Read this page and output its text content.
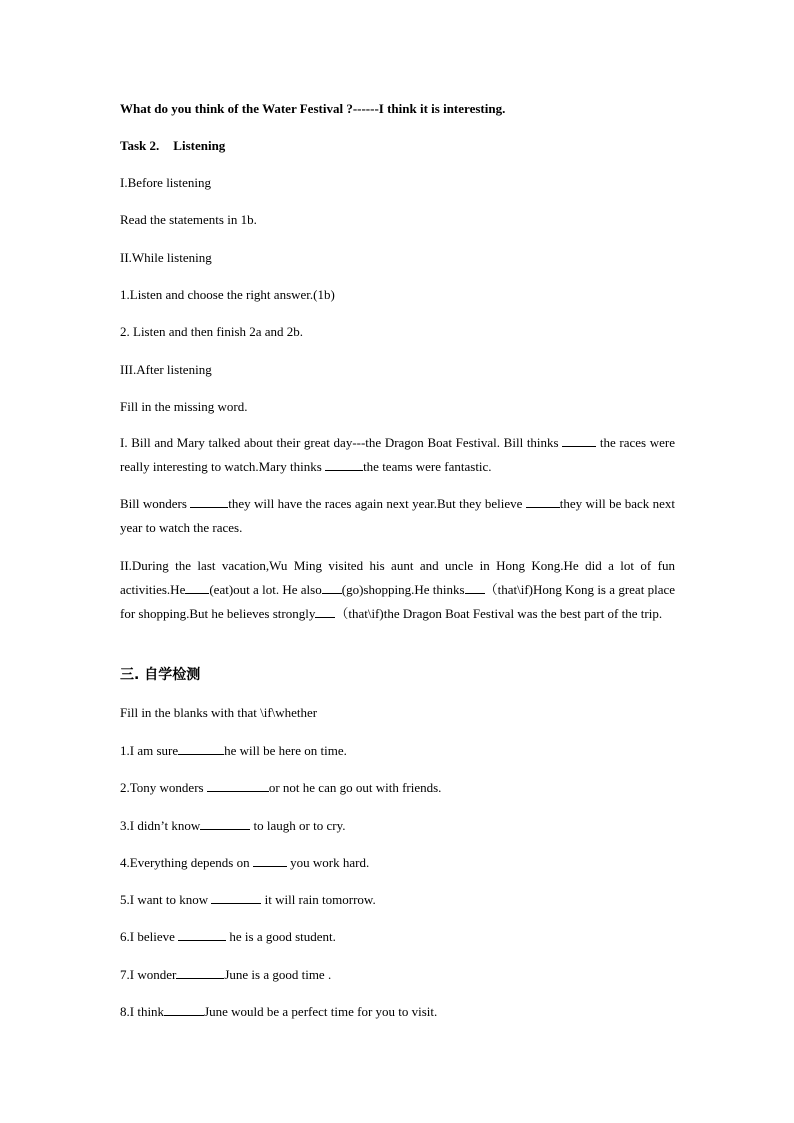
What do you think of the Water Festival ?------I think it is interesting.
Task 2. Listening
I.Before listening
Read the statements in 1b.
II.While listening
1.Listen and choose the right answer.(1b)
2. Listen and then finish 2a and 2b.
III.After listening
Fill in the missing word.
I. Bill and Mary talked about their great day---the Dragon Boat Festival. Bill thinks	the races were really interesting to watch.Mary thinks	the teams were fantastic.
Bill wonders	they will have the races again next year.But they believe	they will be back next year to watch the races.
II.During the last vacation,Wu Ming visited his aunt and uncle in Hong Kong.He did a lot of fun activities.He (eat)out a lot. He also (go)shopping.He thinks （that\if)Hong Kong is a great place for shopping.But he believes strongly （that\if)the Dragon Boat Festival was the best part of the trip.
三. 自学检测
Fill in the blanks with that \if\whether
1.I am sure	he will be here on time.
2.Tony wonders	or not he can go out with friends.
3.I didn’t know	to laugh or to cry.
4.Everything depends on	you work hard.
5.I want to know	it will rain tomorrow.
6.I believe	he is a good student.
7.I wonder	June is a good time .
8.I think	June would be a perfect time for you to visit.
